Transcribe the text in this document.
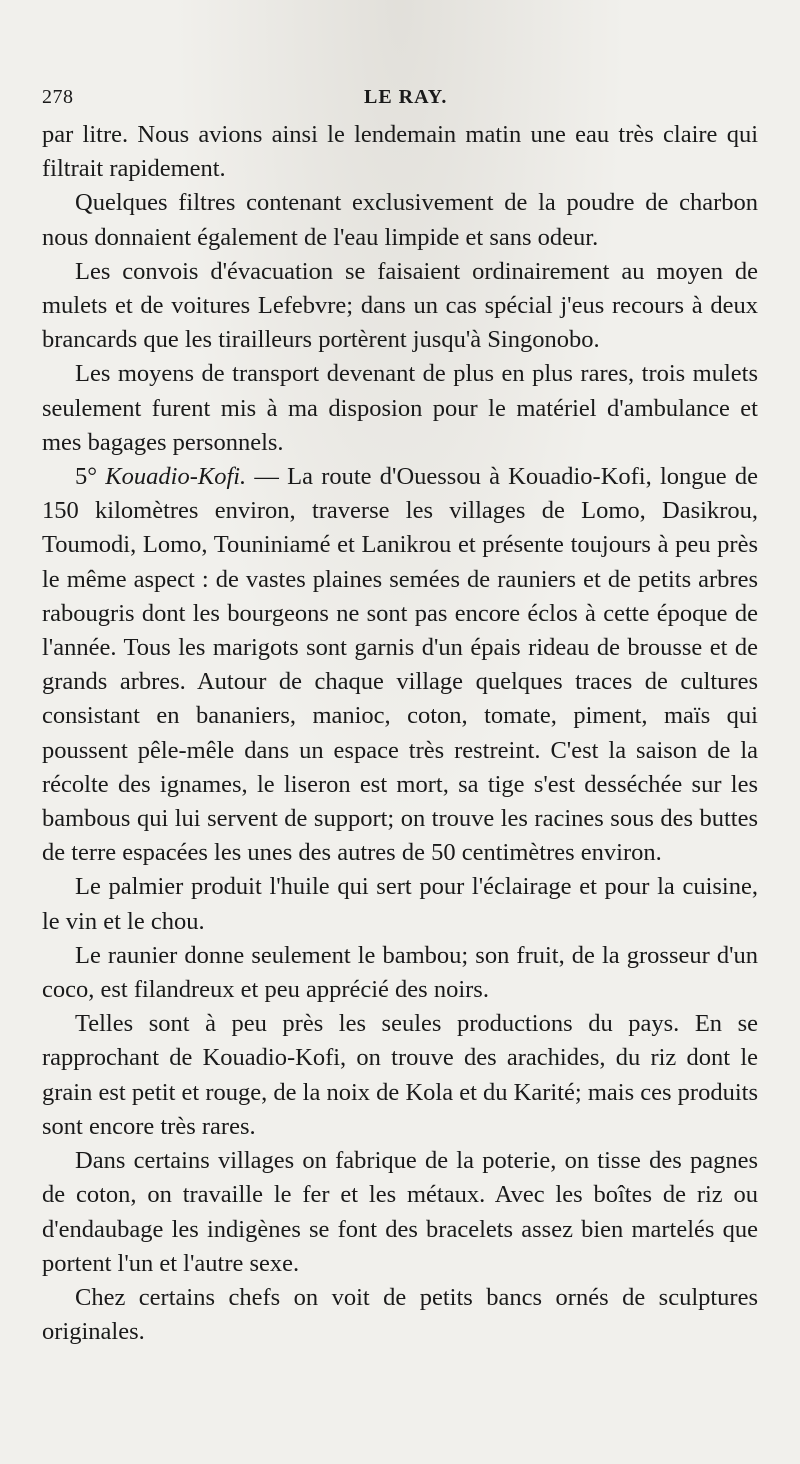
278	LE RAY.

par litre. Nous avions ainsi le lendemain matin une eau très claire qui filtrait rapidement.

Quelques filtres contenant exclusivement de la poudre de charbon nous donnaient également de l'eau limpide et sans odeur.

Les convois d'évacuation se faisaient ordinairement au moyen de mulets et de voitures Lefebvre; dans un cas spécial j'eus recours à deux brancards que les tirailleurs portèrent jusqu'à Singonobo.

Les moyens de transport devenant de plus en plus rares, trois mulets seulement furent mis à ma disposion pour le matériel d'ambulance et mes bagages personnels.

5° Kouadio-Kofi. — La route d'Ouessou à Kouadio-Kofi, longue de 150 kilomètres environ, traverse les villages de Lomo, Dasikrou, Toumodi, Lomo, Touniniamé et Lanikrou et présente toujours à peu près le même aspect : de vastes plaines semées de rauniers et de petits arbres rabougris dont les bourgeons ne sont pas encore éclos à cette époque de l'année. Tous les marigots sont garnis d'un épais rideau de brousse et de grands arbres. Autour de chaque village quelques traces de cultures consistant en bananiers, manioc, coton, tomate, piment, maïs qui poussent pêle-mêle dans un espace très restreint. C'est la saison de la récolte des ignames, le liseron est mort, sa tige s'est desséchée sur les bambous qui lui servent de support; on trouve les racines sous des buttes de terre espacées les unes des autres de 50 centimètres environ.

Le palmier produit l'huile qui sert pour l'éclairage et pour la cuisine, le vin et le chou.

Le raunier donne seulement le bambou; son fruit, de la grosseur d'un coco, est filandreux et peu apprécié des noirs.

Telles sont à peu près les seules productions du pays. En se rapprochant de Kouadio-Kofi, on trouve des arachides, du riz dont le grain est petit et rouge, de la noix de Kola et du Karité; mais ces produits sont encore très rares.

Dans certains villages on fabrique de la poterie, on tisse des pagnes de coton, on travaille le fer et les métaux. Avec les boîtes de riz ou d'endaubage les indigènes se font des bracelets assez bien martelés que portent l'un et l'autre sexe.

Chez certains chefs on voit de petits bancs ornés de sculptures originales.
